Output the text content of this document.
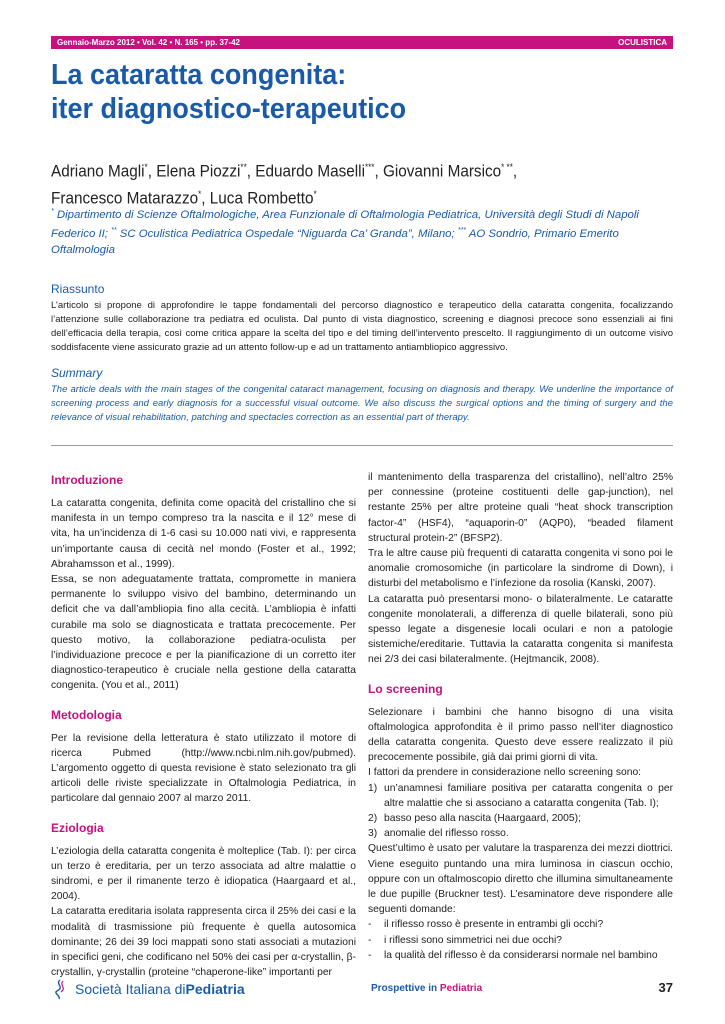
Gennaio-Marzo 2012 • Vol. 42 • N. 165 • pp. 37-42	OCULISTICA
La cataratta congenita:
iter diagnostico-terapeutico
Adriano Magli*, Elena Piozzi**, Eduardo Maselli***, Giovanni Marsico* **,
Francesco Matarazzo*, Luca Rombetto*
* Dipartimento di Scienze Oftalmologiche, Area Funzionale di Oftalmologia Pediatrica, Università degli Studi di Napoli Federico II; ** SC Oculistica Pediatrica Ospedale “Niguarda Ca’ Granda”, Milano; *** AO Sondrio, Primario Emerito Oftalmologia
Riassunto
L’articolo si propone di approfondire le tappe fondamentali del percorso diagnostico e terapeutico della cataratta congenita, focalizzando l’attenzione sulle collaborazione tra pediatra ed oculista. Dal punto di vista diagnostico, screening e diagnosi precoce sono essenziali ai fini dell’efficacia della terapia, così come critica appare la scelta del tipo e del timing dell’intervento prescelto. Il raggiungimento di un outcome visivo soddisfacente viene assicurato grazie ad un attento follow-up e ad un trattamento antiambliopico aggressivo.
Summary
The article deals with the main stages of the congenital cataract management, focusing on diagnosis and therapy. We underline the importance of screening process and early diagnosis for a successful visual outcome. We also discuss the surgical options and the timing of surgery and the relevance of visual rehabilitation, patching and spectacles correction as an essential part of therapy.
Introduzione

La cataratta congenita, definita come opacità del cristallino che si manifesta in un tempo compreso tra la nascita e il 12° mese di vita, ha un’incidenza di 1-6 casi su 10.000 nati vivi, e rappresenta un’importante causa di cecità nel mondo (Foster et al., 1992; Abrahamsson et al., 1999).

Essa, se non adeguatamente trattata, compromette in maniera permanente lo sviluppo visivo del bambino, determinando un deficit che va dall’ambliopia fino alla cecità. L’ambliopia è infatti curabile ma solo se diagnosticata e trattata precocemente. Per questo motivo, la collaborazione pediatra-oculista per l’individuazione precoce e per la pianificazione di un corretto iter diagnostico-terapeutico è cruciale nella gestione della cataratta congenita. (You et al., 2011)

Metodologia

Per la revisione della letteratura è stato utilizzato il motore di ricerca Pubmed (http://www.ncbi.nlm.nih.gov/pubmed). L’argomento oggetto di questa revisione è stato selezionato tra gli articoli delle riviste specializzate in Oftalmologia Pediatrica, in particolare dal gennaio 2007 al marzo 2011.

Eziologia

L’eziologia della cataratta congenita è molteplice (Tab. I): per circa un terzo è ereditaria, per un terzo associata ad altre malattie o sindromi, e per il rimanente terzo è idiopatica (Haargaard et al., 2004).

La cataratta ereditaria isolata rappresenta circa il 25% dei casi e la modalità di trasmissione più frequente è quella autosomica dominante; 26 dei 39 loci mappati sono stati associati a mutazioni in specifici geni, che codificano nel 50% dei casi per α-crystallin, β-crystallin, γ-crystallin (proteine “chaperone-like” importanti per

il mantenimento della trasparenza del cristallino), nell’altro 25% per connessine (proteine costituenti delle gap-junction), nel restante 25% per altre proteine quali “heat shock transcription factor-4” (HSF4), “aquaporin-0” (AQP0), “beaded filament structural protein-2” (BFSP2).

Tra le altre cause più frequenti di cataratta congenita vi sono poi le anomalie cromosomiche (in particolare la sindrome di Down), i disturbi del metabolismo e l’infezione da rosolia (Kanski, 2007).

La cataratta può presentarsi mono- o bilateralmente. Le cataratte congenite monolaterali, a differenza di quelle bilaterali, sono più spesso legate a disgenesie locali oculari e non a patologie sistemiche/ereditarie. Tuttavia la cataratta congenita si manifesta nei 2/3 dei casi bilateralmente. (Hejtmancik, 2008).

Lo screening

Selezionare i bambini che hanno bisogno di una visita oftalmologica approfondita è il primo passo nell’iter diagnostico della cataratta congenita. Questo deve essere realizzato il più precocemente possibile, già dai primi giorni di vita.

I fattori da prendere in considerazione nello screening sono:

1) un’anamnesi familiare positiva per cataratta congenita o per altre malattie che si associano a cataratta congenita (Tab. I);
2) basso peso alla nascita (Haargaard, 2005);
3) anomalie del riflesso rosso.

Quest’ultimo è usato per valutare la trasparenza dei mezzi diottrici. Viene eseguito puntando una mira luminosa in ciascun occhio, oppure con un oftalmoscopio diretto che illumina simultaneamente le due pupille (Bruckner test). L’esaminatore deve rispondere alle seguenti domande:

-	il riflesso rosso è presente in entrambi gli occhi?
-	i riflessi sono simmetrici nei due occhi?
-	la qualità del riflesso è da considerarsi normale nel bambino
Società Italiana di Pediatria	Prospettive in Pediatria	37
